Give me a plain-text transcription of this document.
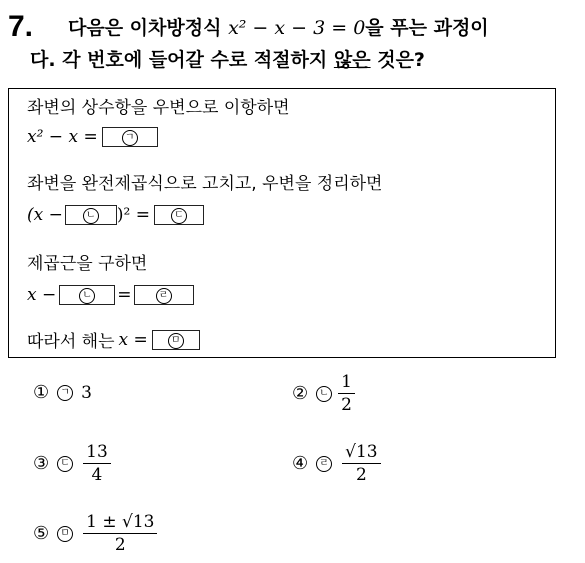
7. 다음은 이차방정식 x² − x − 3 = 0을 푸는 과정이
다. 각 번호에 들어갈 수로 적절하지 않은 것은?
좌변의 상수항을 우변으로 이항하면
x² − x =	ㄱ
좌변을 완전제곱식으로 고치고, 우변을 정리하면
(x −	ㄴ	)² =	ㄷ
제곱근을 구하면
x −	ㄴ	=	ㄹ
따라서 해는 x =	ㅁ
①	ㄱ 3	②	ㄴ $\frac{1}{2}$
③	ㄷ $\frac{13}{4}$	④	ㄹ $\frac{√13}{2}$
⑤	ㅁ $\frac{1 \pm √13}{2}$
